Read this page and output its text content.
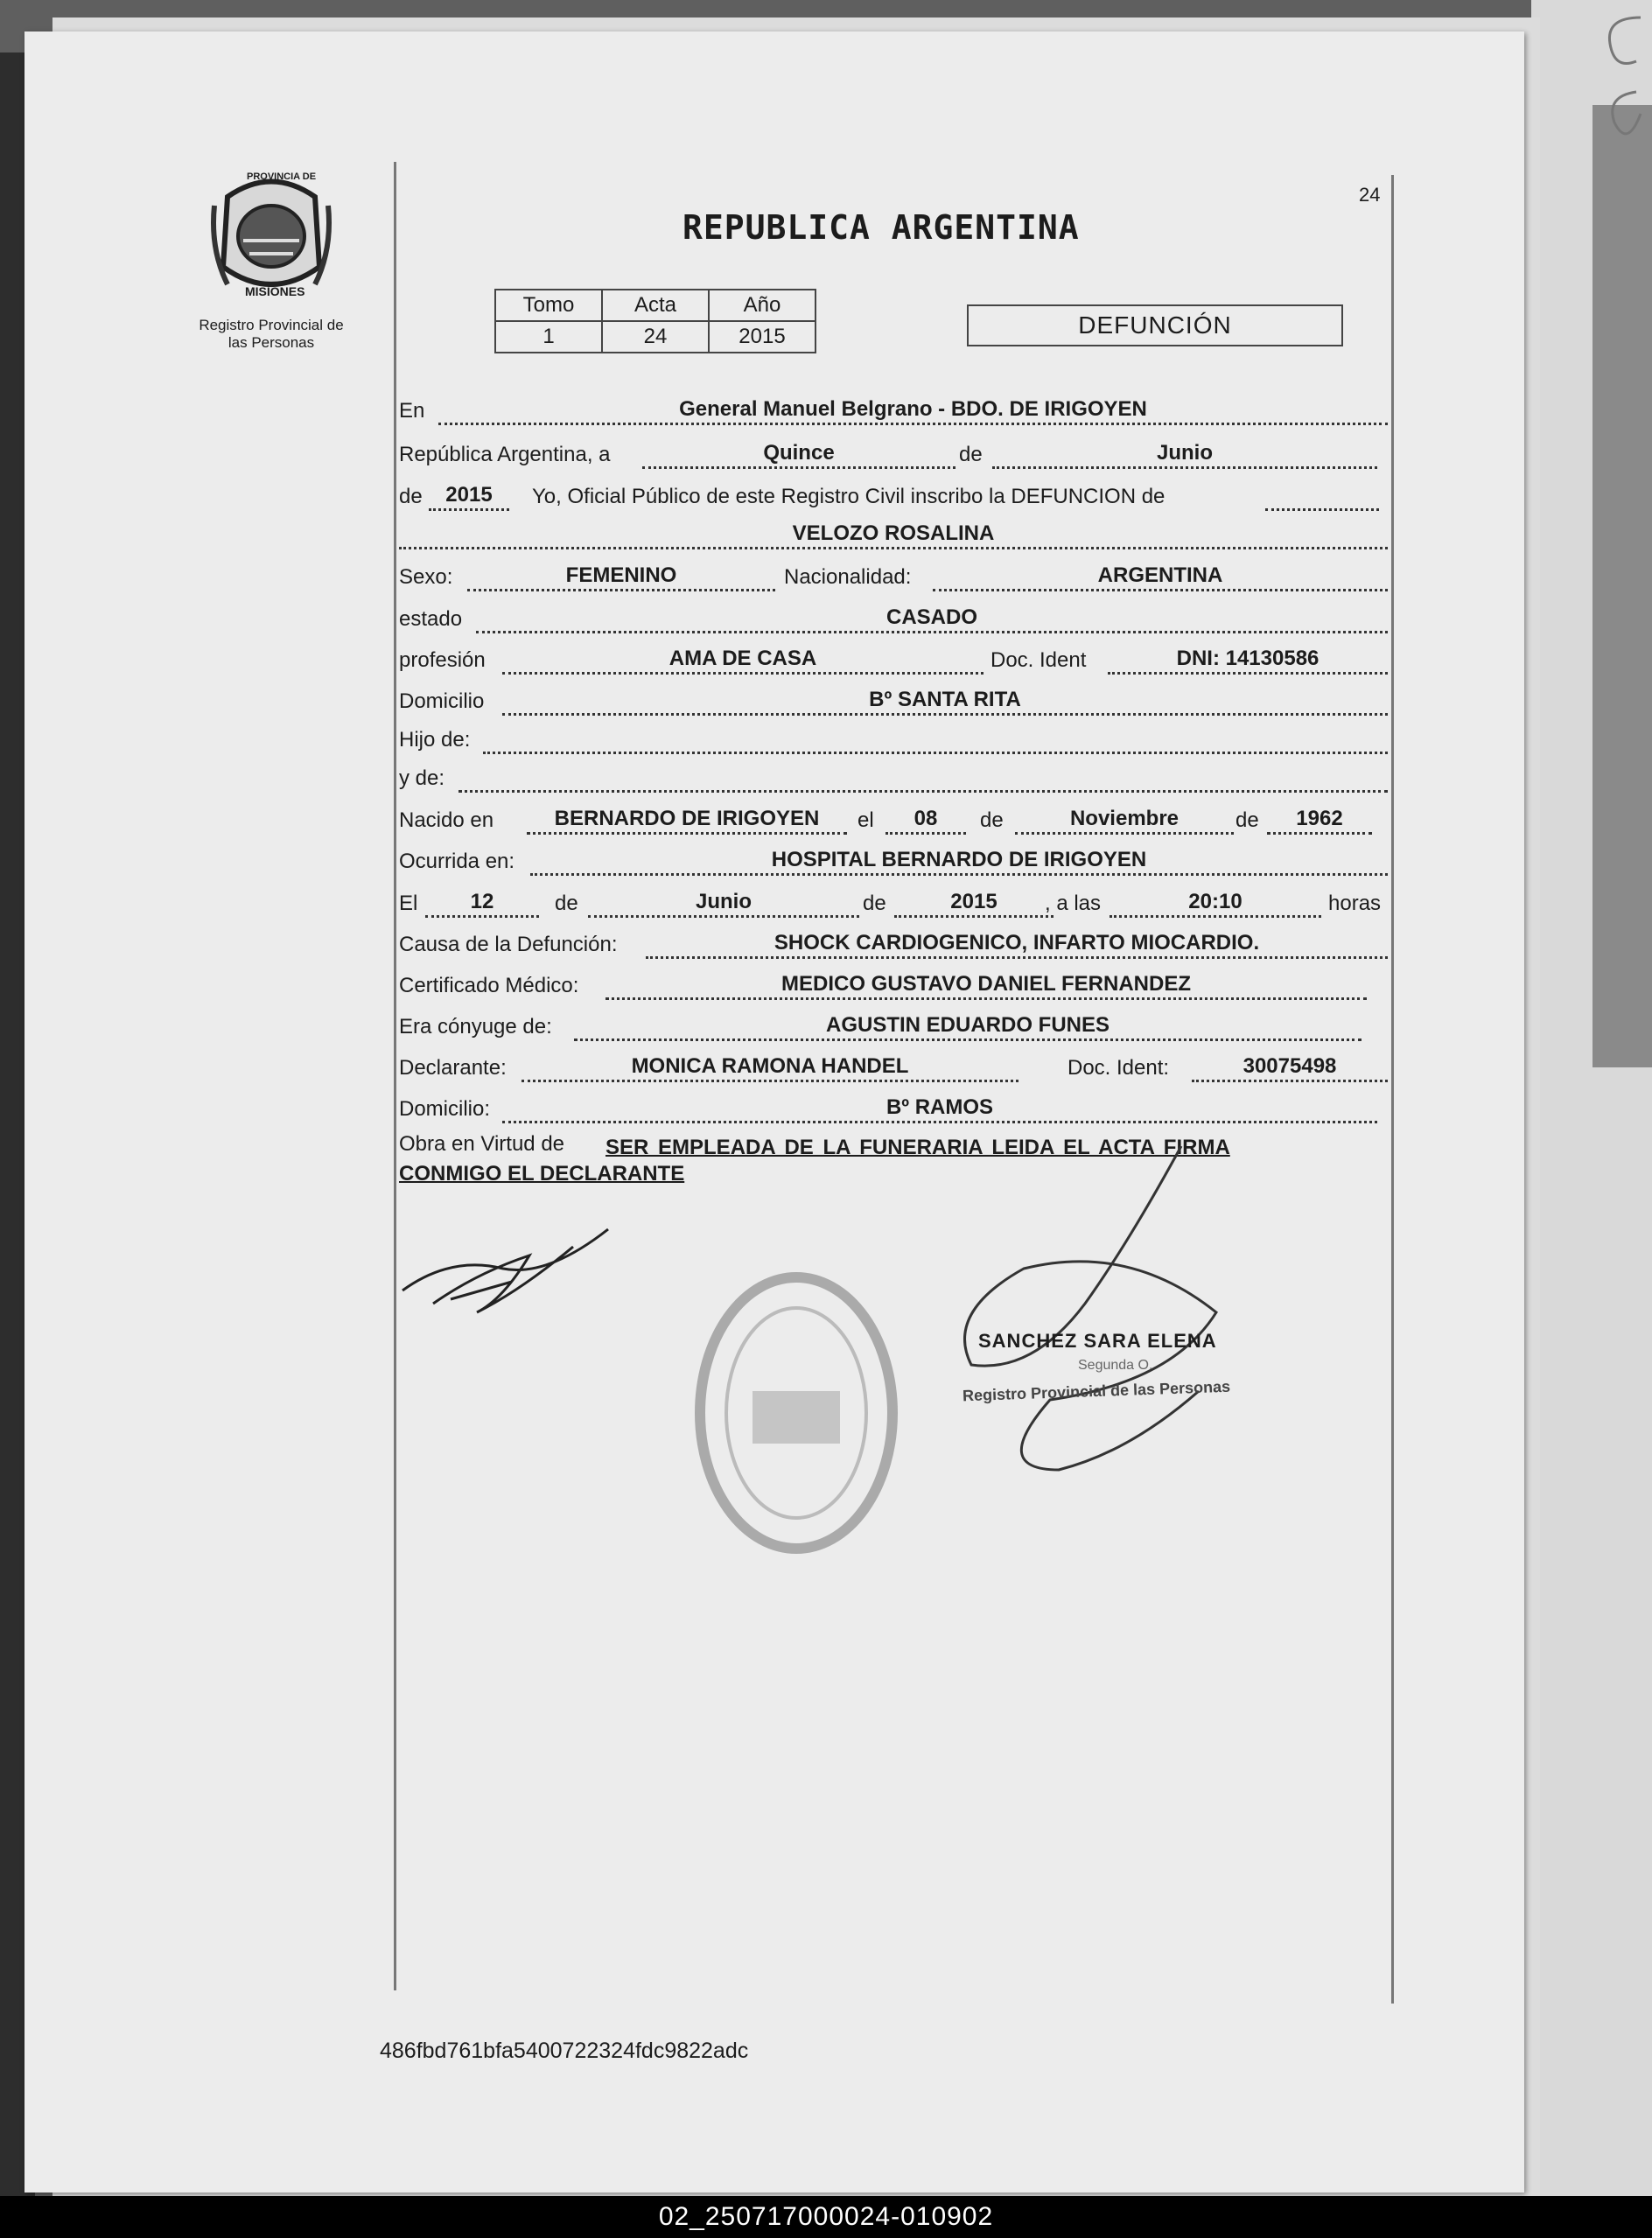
PROVINCIA DE
MISIONES
Registro Provincial de
las Personas
24
REPUBLICA ARGENTINA
Tomo	Acta	Año
1	24	2015	DEFUNCIÓN
En	General Manuel Belgrano - BDO. DE IRIGOYEN
República Argentina, a	Quince	de	Junio
de	2015	Yo, Oficial Público de este Registro Civil inscribo la DEFUNCION de
VELOZO ROSALINA
Sexo:	FEMENINO	Nacionalidad:	ARGENTINA
estado	CASADO
profesión	AMA DE CASA	Doc. Ident	DNI: 14130586
Domicilio	Bº SANTA RITA
Hijo de:
y de:
Nacido en	BERNARDO DE IRIGOYEN	el	08	de	Noviembre	de	1962
Ocurrida en:	HOSPITAL BERNARDO DE IRIGOYEN
El	12	de	Junio	de	2015	, a las	20:10	horas
Causa de la Defunción:	SHOCK CARDIOGENICO, INFARTO MIOCARDIO.
Certificado Médico:	MEDICO GUSTAVO DANIEL FERNANDEZ
Era cónyuge de:	AGUSTIN EDUARDO FUNES
Declarante:	MONICA RAMONA HANDEL	Doc. Ident:	30075498
Domicilio:	Bº RAMOS
Obra en Virtud de SER EMPLEADA DE LA FUNERARIA LEIDA EL ACTA FIRMA
CONMIGO EL DECLARANTE
SANCHEZ SARA ELENA
Segunda O.
Registro Provincial de las Personas
486fbd761bfa5400722324fdc9822adc
02_250717000024-010902
